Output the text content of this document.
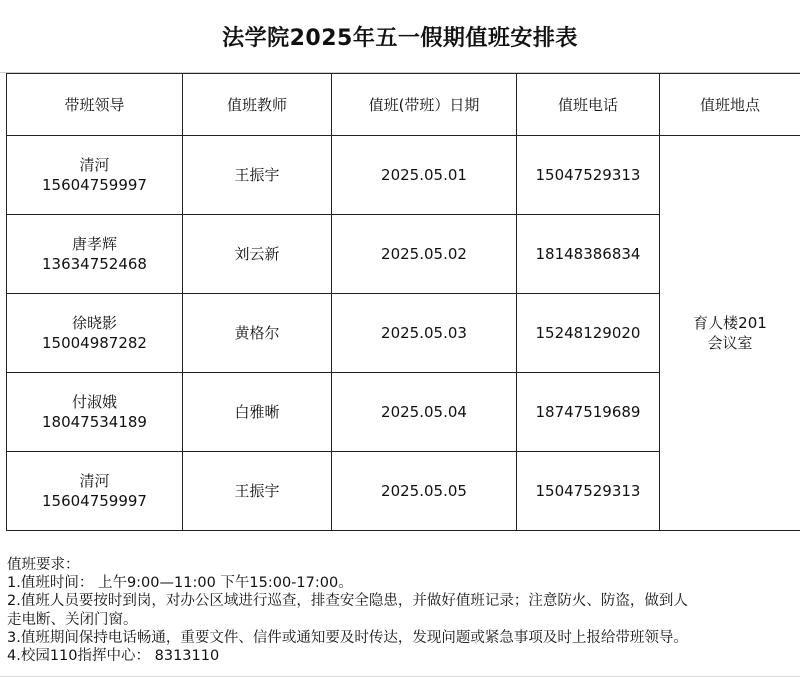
法学院2025年五一假期值班安排表
带班领导	值班教师	值班(带班）日期	值班电话	值班地点

清河
15604759997	王振宇	2025.05.01	15047529313	育人楼201
会议室

唐孝辉
13634752468	刘云新	2025.05.02	18148386834	

徐晓影
15004987282	黄格尔	2025.05.03	15248129020	

付淑娥
18047534189	白雅晰	2025.05.04	18747519689	

清河
15604759997	王振宇	2025.05.05	15047529313	
值班要求：
1.值班时间： 上午9:00—11:00 下午15:00-17:00。
2.值班人员要按时到岗，对办公区域进行巡查，排查安全隐患，并做好值班记录；注意防火、防盗，做到人
走电断、关闭门窗。
3.值班期间保持电话畅通，重要文件、信件或通知要及时传达，发现问题或紧急事项及时上报给带班领导。
4.校园110指挥中心： 8313110
